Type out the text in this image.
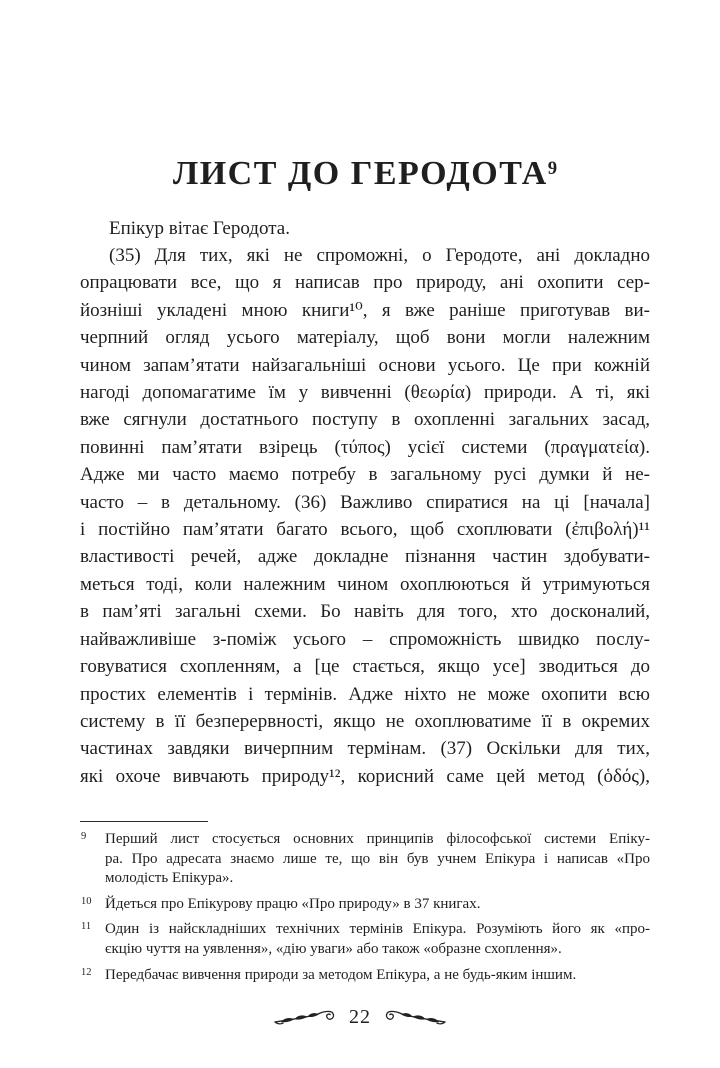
ЛИСТ ДО ГЕРОДОТА$^9$
Епікур вітає Геродота.
(35) Для тих, які не спроможні, о Геродоте, ані докладно
опрацювати все, що я написав про природу, ані охопити сер-
йозніші укладені мною книги¹⁰, я вже раніше приготував ви-
черпний огляд усього матеріалу, щоб вони могли належним
чином запам’ятати найзагальніші основи усього. Це при кожній
нагоді допомагатиме їм у вивченні (θεωρία) природи. А ті, які
вже сягнули достатнього поступу в охопленні загальних засад,
повинні пам’ятати взірець (τύπος) усієї системи (πραγματεία).
Адже ми часто маємо потребу в загальному русі думки й не-
часто – в детальному. (36) Важливо спиратися на ці [начала]
і постійно пам’ятати багато всього, щоб схоплювати (ἐπιβολή)¹¹
властивості речей, адже докладне пізнання частин здобувати-
меться тоді, коли належним чином охоплюються й утримуються
в пам’яті загальні схеми. Бо навіть для того, хто досконалий,
найважливіше з-поміж усього – спроможність швидко послу-
говуватися схопленням, а [це стається, якщо усе] зводиться до
простих елементів і термінів. Адже ніхто не може охопити всю
систему в її безперервності, якщо не охоплюватиме її в окремих
частинах завдяки вичерпним термінам. (37) Оскільки для тих,
які охоче вивчають природу¹², корисний саме цей метод (ὁδός),
9 Перший лист стосується основних принципів філософської системи Епіку-
ра. Про адресата знаємо лише те, що він був учнем Епікура і написав «Про
молодість Епікура».
10 Йдеться про Епікурову працю «Про природу» в 37 книгах.
11 Один із найскладніших технічних термінів Епікура. Розуміють його як «про-
єкцію чуття на уявлення», «дію уваги» або також «образне схоплення».
12 Передбачає вивчення природи за методом Епікура, а не будь-яким іншим.
22
